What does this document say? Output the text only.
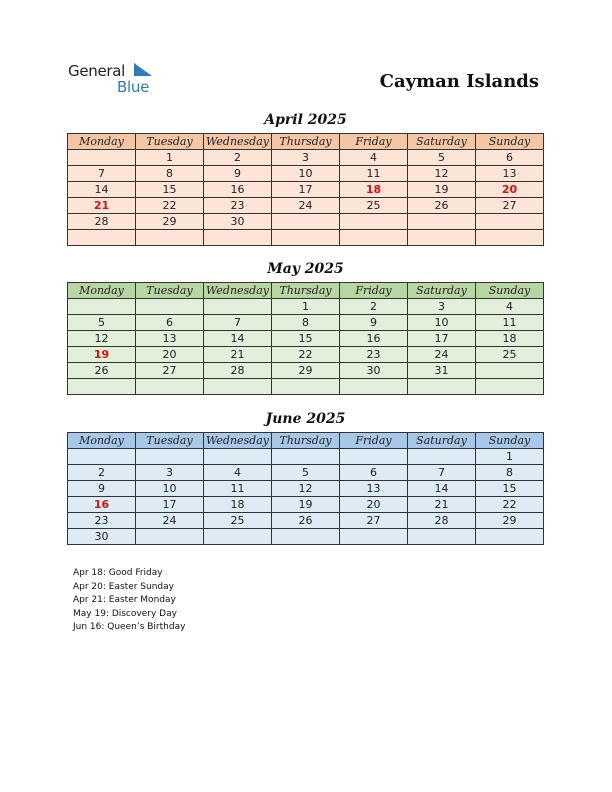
General
Blue	Cayman Islands
April 2025
Monday	Tuesday	Wednesday	Thursday	Friday	Saturday	Sunday
	1	2	3	4	5	6
7	8	9	10	11	12	13
14	15	16	17	18	19	20
21	22	23	24	25	26	27
28	29	30				

May 2025
Monday	Tuesday	Wednesday	Thursday	Friday	Saturday	Sunday
			1	2	3	4
5	6	7	8	9	10	11
12	13	14	15	16	17	18
19	20	21	22	23	24	25
26	27	28	29	30	31	

June 2025
Monday	Tuesday	Wednesday	Thursday	Friday	Saturday	Sunday
						1
2	3	4	5	6	7	8
9	10	11	12	13	14	15
16	17	18	19	20	21	22
23	24	25	26	27	28	29
30						
Apr 18: Good Friday
Apr 20: Easter Sunday
Apr 21: Easter Monday
May 19: Discovery Day
Jun 16: Queen’s Birthday
